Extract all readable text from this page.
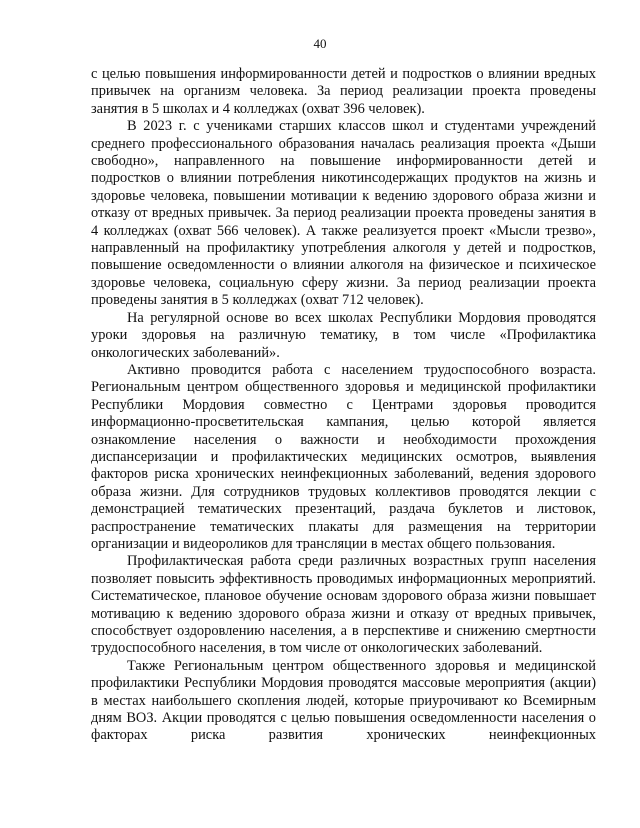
40

с целью повышения информированности детей и подростков о влиянии вредных привычек на организм человека. За период реализации проекта проведены занятия в 5 школах и 4 колледжах (охват 396 человек).

В 2023 г. с учениками старших классов школ и студентами учреждений среднего профессионального образования началась реализация проекта «Дыши свободно», направленного на повышение информированности детей и подростков о влиянии потребления никотинсодержащих продуктов на жизнь и здоровье человека, повышении мотивации к ведению здорового образа жизни и отказу от вредных привычек. За период реализации проекта проведены занятия в 4 колледжах (охват 566 человек). А также реализуется проект «Мысли трезво», направленный на профилактику употребления алкоголя у детей и подростков, повышение осведомленности о влиянии алкоголя на физическое и психическое здоровье человека, социальную сферу жизни. За период реализации проекта проведены занятия в 5 колледжах (охват 712 человек).

На регулярной основе во всех школах Республики Мордовия проводятся уроки здоровья на различную тематику, в том числе «Профилактика онкологических заболеваний».

Активно проводится работа с населением трудоспособного возраста. Региональным центром общественного здоровья и медицинской профилактики Республики Мордовия совместно с Центрами здоровья проводится информационно-просветительская кампания, целью которой является ознакомление населения о важности и необходимости прохождения диспансеризации и профилактических медицинских осмотров, выявления факторов риска хронических неинфекционных заболеваний, ведения здорового образа жизни. Для сотрудников трудовых коллективов проводятся лекции с демонстрацией тематических презентаций, раздача буклетов и листовок, распространение тематических плакаты для размещения на территории организации и видеороликов для трансляции в местах общего пользования.

Профилактическая работа среди различных возрастных групп населения позволяет повысить эффективность проводимых информационных мероприятий. Систематическое, плановое обучение основам здорового образа жизни повышает мотивацию к ведению здорового образа жизни и отказу от вредных привычек, способствует оздоровлению населения, а в перспективе и снижению смертности трудоспособного населения, в том числе от онкологических заболеваний.

Также Региональным центром общественного здоровья и медицинской профилактики Республики Мордовия проводятся массовые мероприятия (акции) в местах наибольшего скопления людей, которые приурочивают ко Всемирным дням ВОЗ. Акции проводятся с целью повышения осведомленности населения о факторах риска развития хронических неинфекционных
